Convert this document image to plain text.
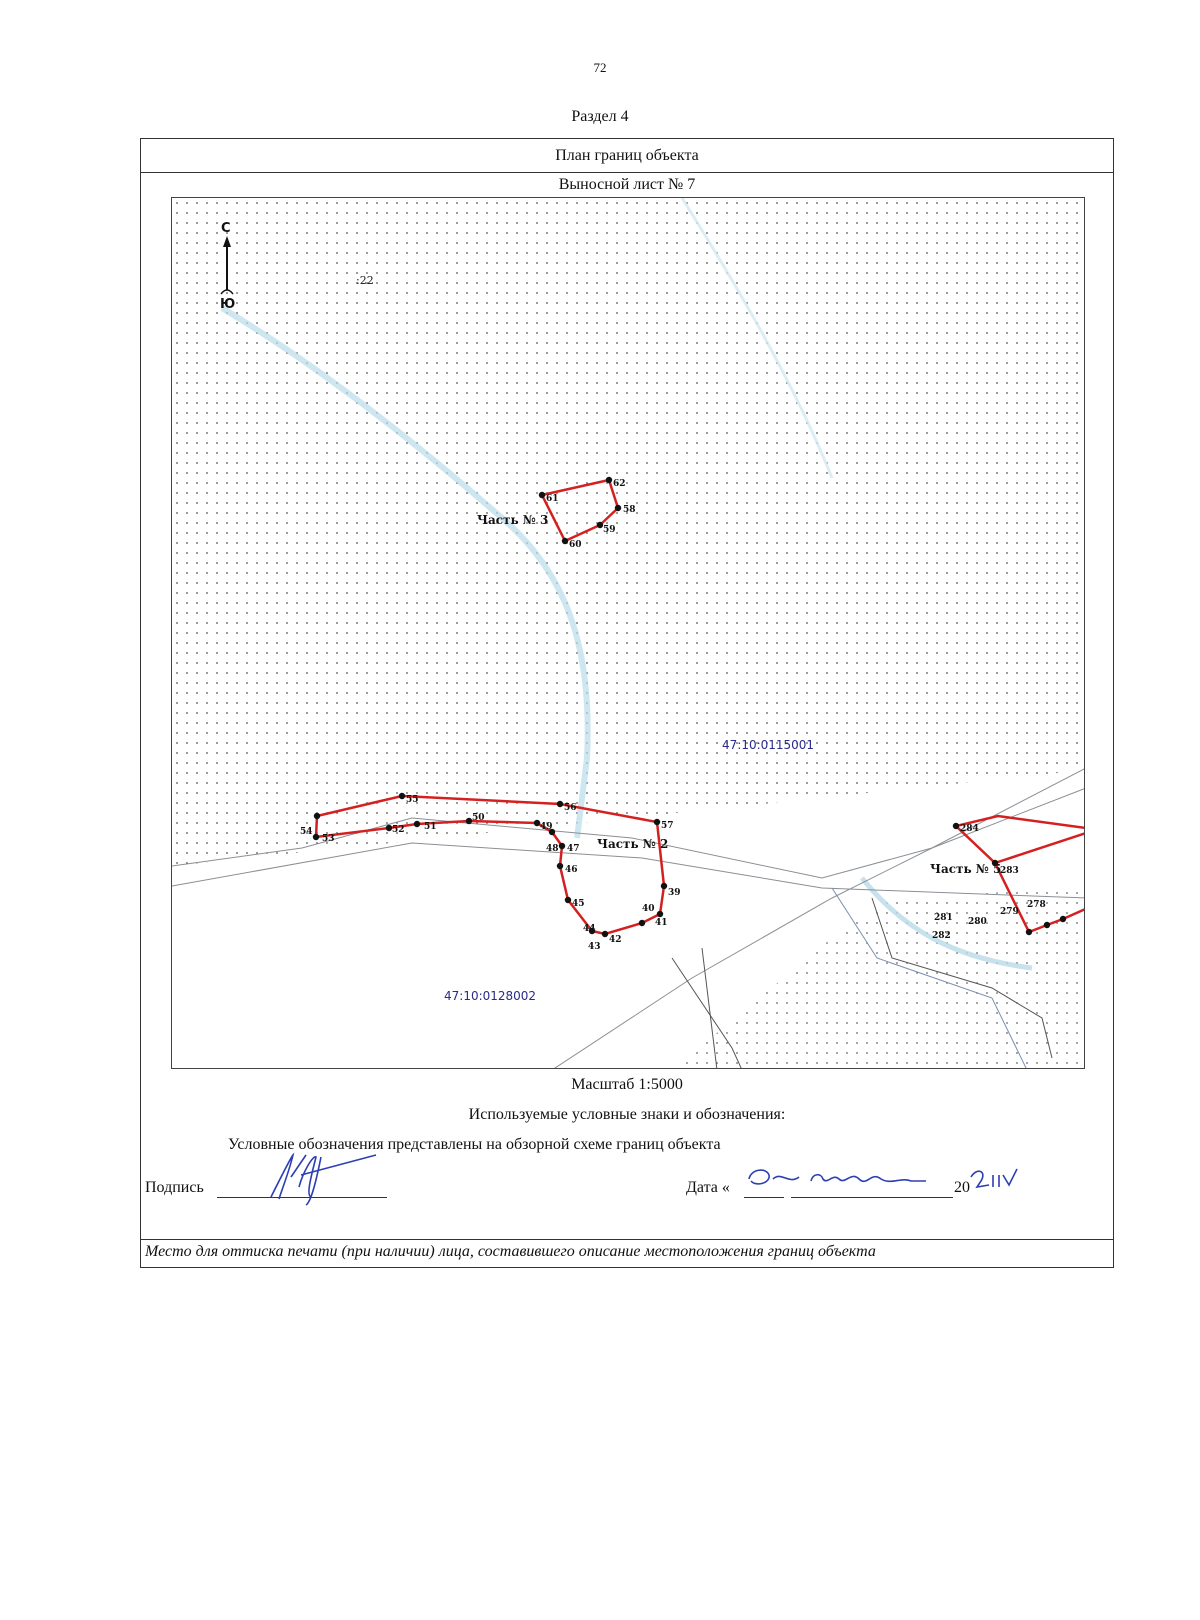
72
Раздел 4
План границ объекта
Выносной лист № 7
61
62
58
59
60
55
56
57
54
53
52 51
50
49
48 47
46
45
44
43
42
41
40
39
284
283
282
281 280
279
278
Часть № 3
Часть № 2
Часть № 5
47:10:0115001
47:10:0128002
:22
С
Ю
Масштаб 1:5000
Используемые условные знаки и обозначения:
Условные обозначения представлены на обзорной схеме границ объекта
Подпись	Дата «	20
Место для оттиска печати (при наличии) лица, составившего описание местоположения границ объекта
